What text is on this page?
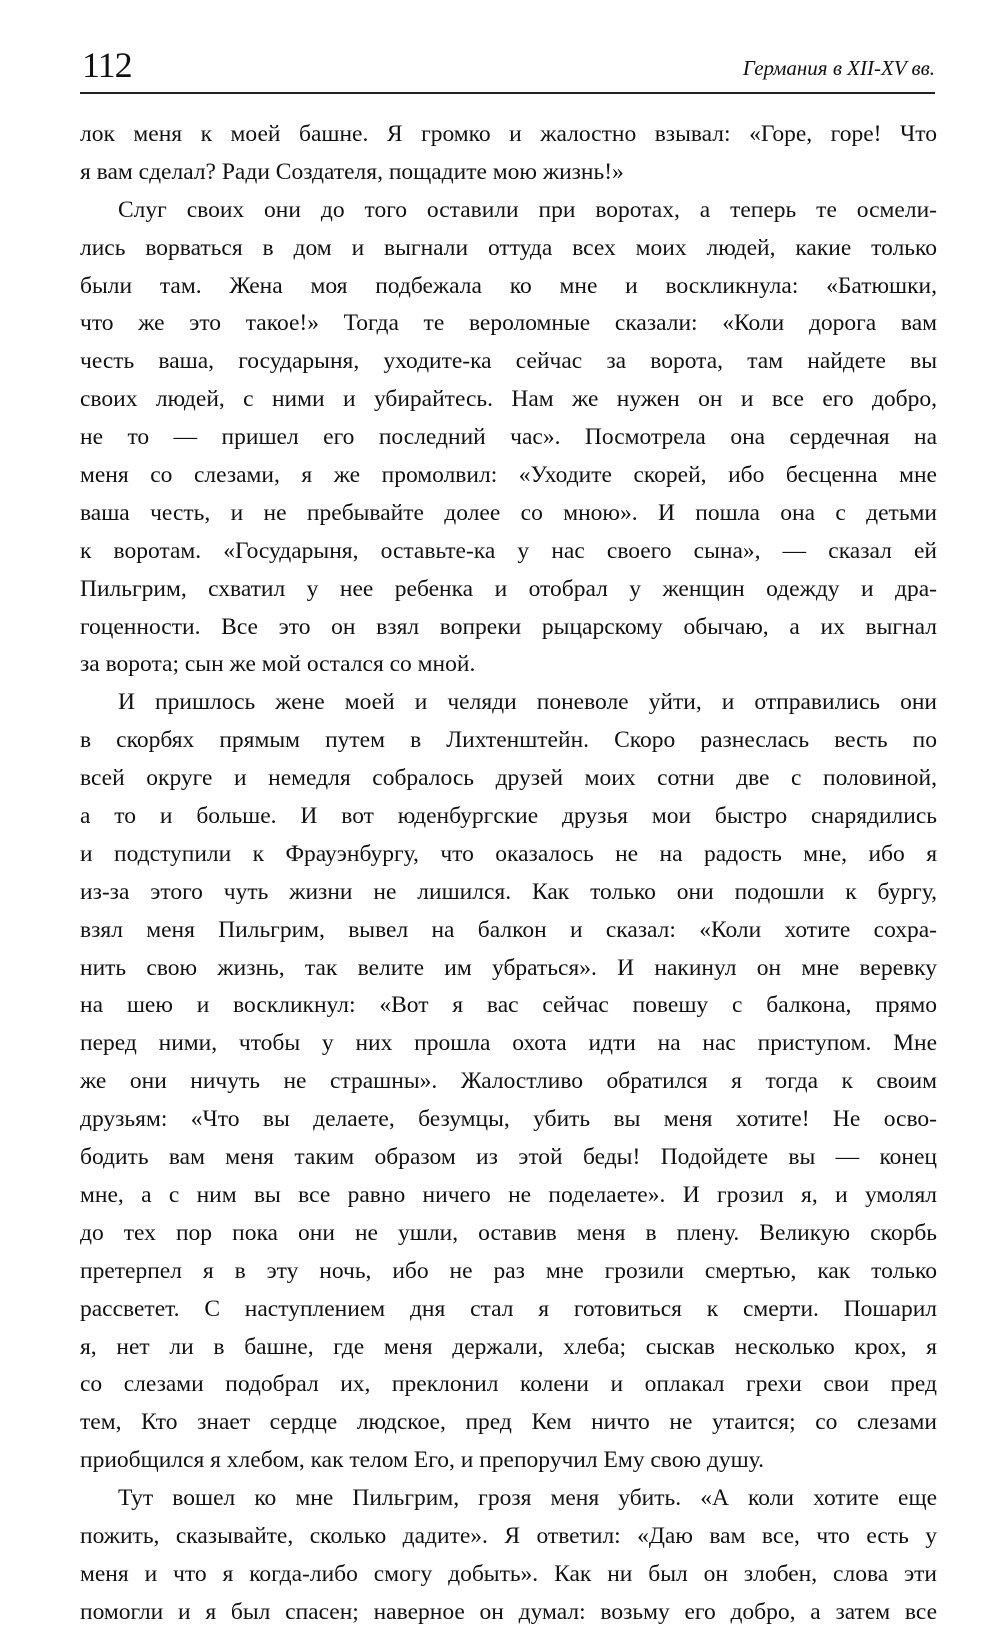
112	Германия в XII-XV вв.
лок меня к моей башне. Я громко и жалостно взывал: «Горе, горе! Что
я вам сделал? Ради Создателя, пощадите мою жизнь!»
Слуг своих они до того оставили при воротах, а теперь те осмели-
лись ворваться в дом и выгнали оттуда всех моих людей, какие только
были там. Жена моя подбежала ко мне и воскликнула: «Батюшки,
что же это такое!» Тогда те вероломные сказали: «Коли дорога вам
честь ваша, государыня, уходите-ка сейчас за ворота, там найдете вы
своих людей, с ними и убирайтесь. Нам же нужен он и все его добро,
не то — пришел его последний час». Посмотрела она сердечная на
меня со слезами, я же промолвил: «Уходите скорей, ибо бесценна мне
ваша честь, и не пребывайте долее со мною». И пошла она с детьми
к воротам. «Государыня, оставьте-ка у нас своего сына», — сказал ей
Пильгрим, схватил у нее ребенка и отобрал у женщин одежду и дра-
гоценности. Все это он взял вопреки рыцарскому обычаю, а их выгнал
за ворота; сын же мой остался со мной.
И пришлось жене моей и челяди поневоле уйти, и отправились они
в скорбях прямым путем в Лихтенштейн. Скоро разнеслась весть по
всей округе и немедля собралось друзей моих сотни две с половиной,
а то и больше. И вот юденбургские друзья мои быстро снарядились
и подступили к Фрауэнбургу, что оказалось не на радость мне, ибо я
из-за этого чуть жизни не лишился. Как только они подошли к бургу,
взял меня Пильгрим, вывел на балкон и сказал: «Коли хотите сохра-
нить свою жизнь, так велите им убраться». И накинул он мне веревку
на шею и воскликнул: «Вот я вас сейчас повешу с балкона, прямо
перед ними, чтобы у них прошла охота идти на нас приступом. Мне
же они ничуть не страшны». Жалостливо обратился я тогда к своим
друзьям: «Что вы делаете, безумцы, убить вы меня хотите! Не осво-
бодить вам меня таким образом из этой беды! Подойдете вы — конец
мне, а с ним вы все равно ничего не поделаете». И грозил я, и умолял
до тех пор пока они не ушли, оставив меня в плену. Великую скорбь
претерпел я в эту ночь, ибо не раз мне грозили смертью, как только
рассветет. С наступлением дня стал я готовиться к смерти. Пошарил
я, нет ли в башне, где меня держали, хлеба; сыскав несколько крох, я
со слезами подобрал их, преклонил колени и оплакал грехи свои пред
тем, Кто знает сердце людское, пред Кем ничто не утаится; со слезами
приобщился я хлебом, как телом Его, и препоручил Ему свою душу.
Тут вошел ко мне Пильгрим, грозя меня убить. «А коли хотите еще
пожить, сказывайте, сколько дадите». Я ответил: «Даю вам все, что есть у
меня и что я когда-либо смогу добыть». Как ни был он злобен, слова эти
помогли и я был спасен; наверное он думал: возьму его добро, а затем все
